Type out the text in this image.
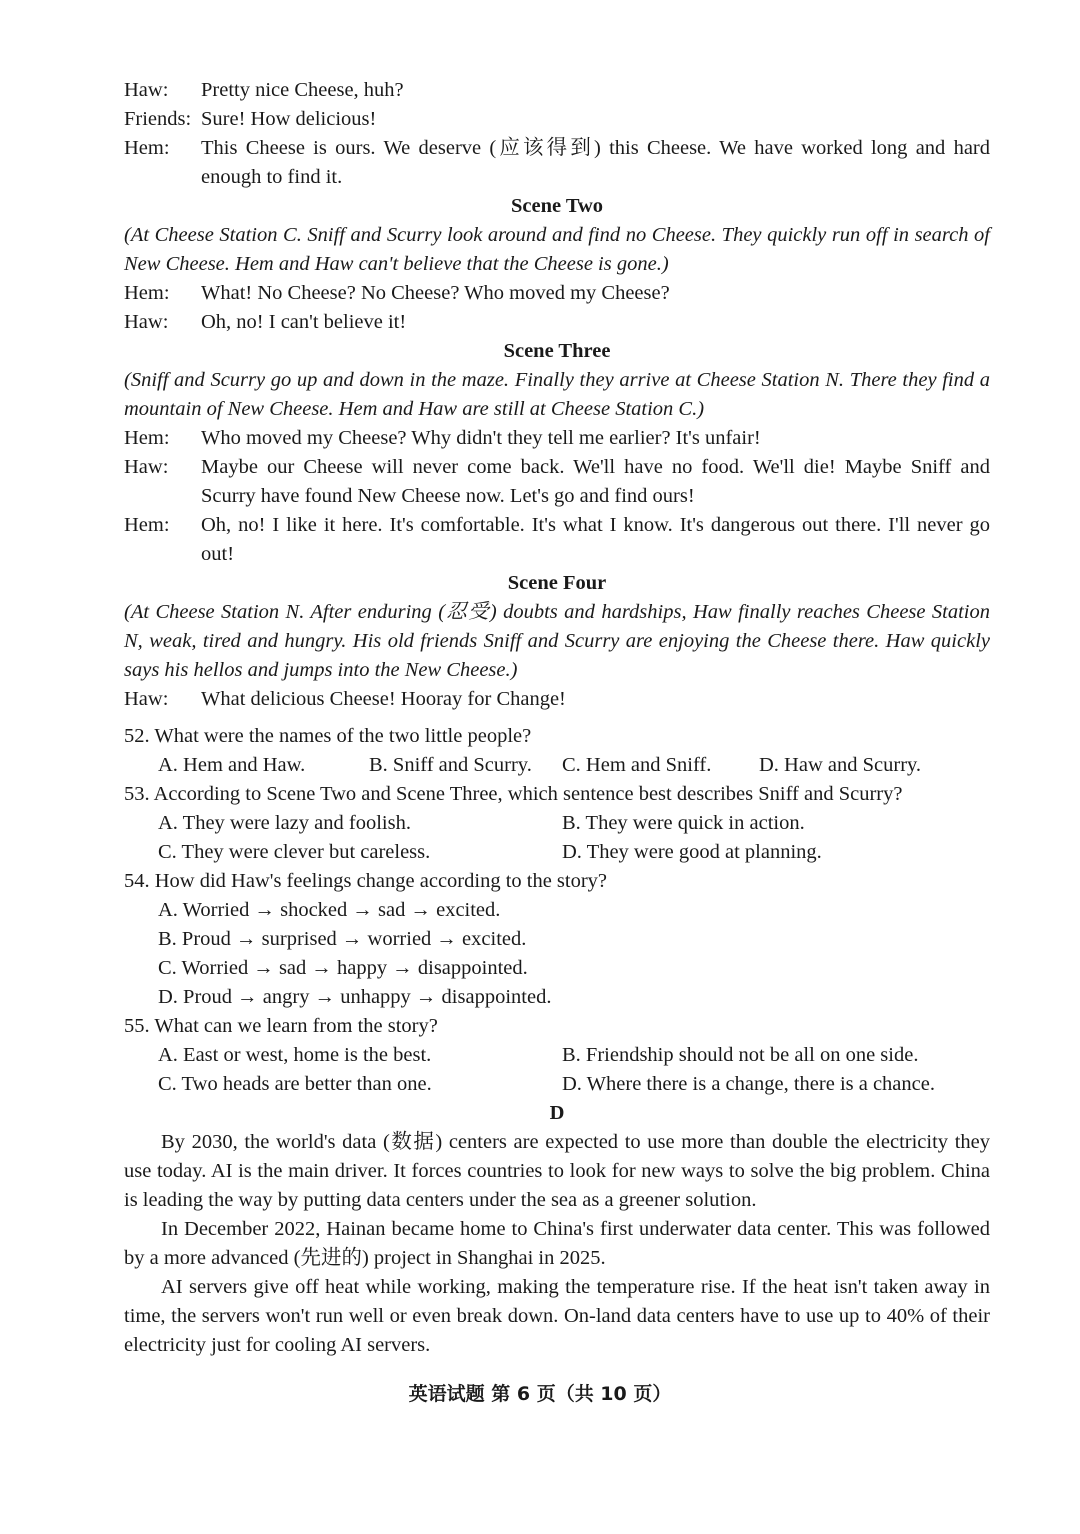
Haw:	Pretty nice Cheese, huh?
Friends: Sure! How delicious!
Hem:	This Cheese is ours. We deserve (应该得到) this Cheese. We have worked long and hard enough to find it.
Scene Two
(At Cheese Station C. Sniff and Scurry look around and find no Cheese. They quickly run off in search of New Cheese. Hem and Haw can't believe that the Cheese is gone.)
Hem:	What! No Cheese? No Cheese? Who moved my Cheese?
Haw:	Oh, no! I can't believe it!
Scene Three
(Sniff and Scurry go up and down in the maze. Finally they arrive at Cheese Station N. There they find a mountain of New Cheese. Hem and Haw are still at Cheese Station C.)
Hem:	Who moved my Cheese? Why didn't they tell me earlier? It's unfair!
Haw:	Maybe our Cheese will never come back. We'll have no food. We'll die! Maybe Sniff and Scurry have found New Cheese now. Let's go and find ours!
Hem:	Oh, no! I like it here. It's comfortable. It's what I know. It's dangerous out there. I'll never go out!
Scene Four
(At Cheese Station N. After enduring (忍受) doubts and hardships, Haw finally reaches Cheese Station N, weak, tired and hungry. His old friends Sniff and Scurry are enjoying the Cheese there. Haw quickly says his hellos and jumps into the New Cheese.)
Haw:	What delicious Cheese! Hooray for Change!
52. What were the names of the two little people?
A. Hem and Haw.	B. Sniff and Scurry.	C. Hem and Sniff.	D. Haw and Scurry.
53. According to Scene Two and Scene Three, which sentence best describes Sniff and Scurry?
A. They were lazy and foolish.	B. They were quick in action.
C. They were clever but careless.	D. They were good at planning.
54. How did Haw's feelings change according to the story?
A. Worried → shocked → sad → excited.
B. Proud → surprised → worried → excited.
C. Worried → sad → happy → disappointed.
D. Proud → angry → unhappy → disappointed.
55. What can we learn from the story?
A. East or west, home is the best.	B. Friendship should not be all on one side.
C. Two heads are better than one.	D. Where there is a change, there is a chance.
D

By 2030, the world's data (数据) centers are expected to use more than double the electricity they use today. AI is the main driver. It forces countries to look for new ways to solve the big problem. China is leading the way by putting data centers under the sea as a greener solution.

In December 2022, Hainan became home to China's first underwater data center. This was followed by a more advanced (先进的) project in Shanghai in 2025.

AI servers give off heat while working, making the temperature rise. If the heat isn't taken away in time, the servers won't run well or even break down. On-land data centers have to use up to 40% of their electricity just for cooling AI servers.

英语试题 第 6 页（共 10 页）
